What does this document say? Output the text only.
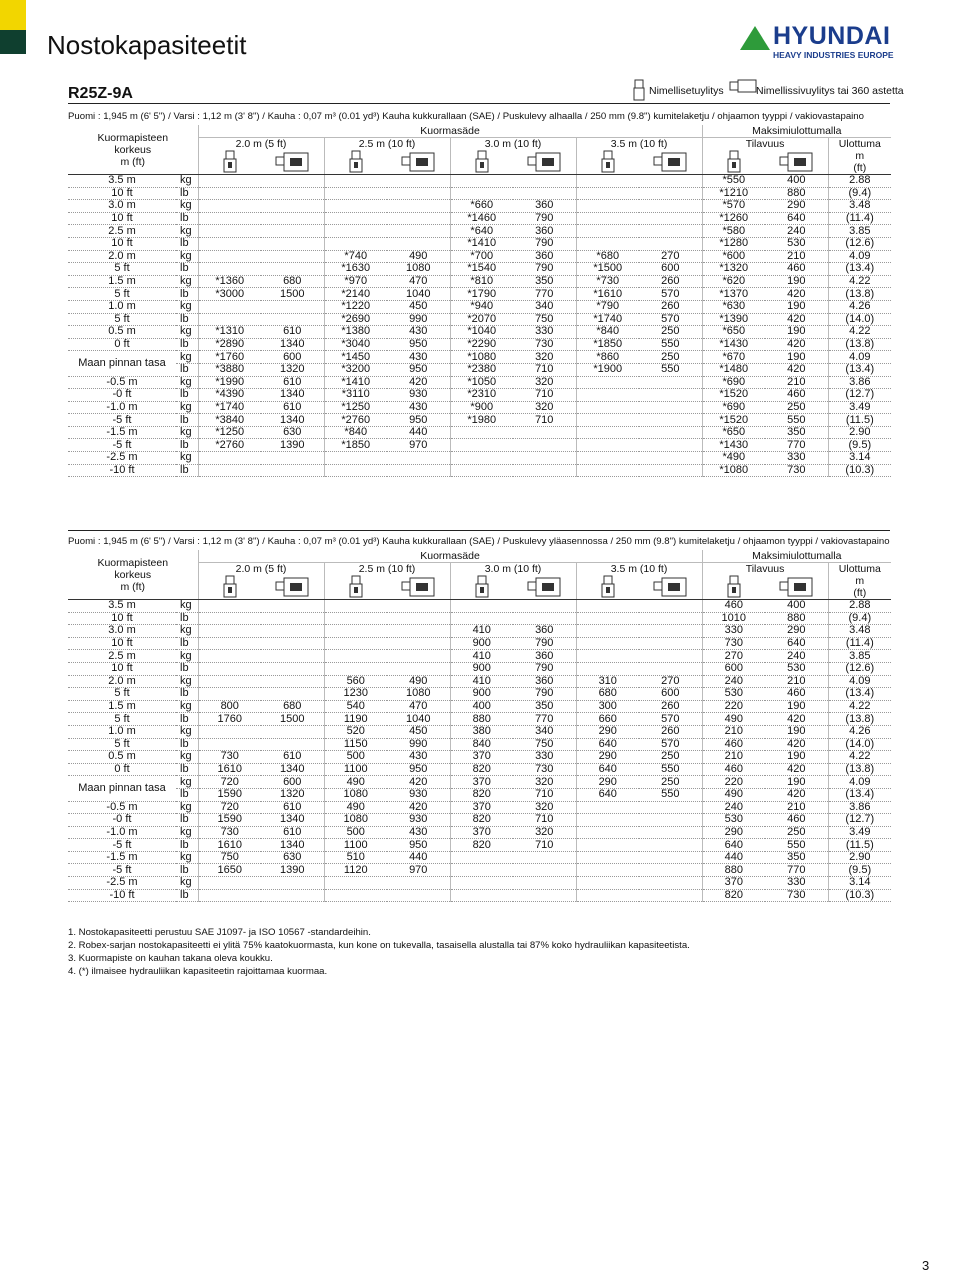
Nostokapasiteetit	HYUNDAI
HEAVY INDUSTRIES EUROPE
R25Z-9A	Nimellisetuylitys	Nimellissivuylitys tai 360 astetta
Puomi : 1,945 m (6' 5") / Varsi : 1,12 m (3' 8") / Kauha : 0,07 m³ (0.01 yd³) Kauha kukkurallaan (SAE) / Puskulevy alhaalla / 250 mm (9.8") kumitelaketju / ohjaamon tyyppi / vakiovastapaino
Kuormapisteen
korkeus
m (ft)		Kuormasäde								Maksimiulottumalla		
		2.0 m (5 ft)		2.5 m (10 ft)		3.0 m (10 ft)		3.5 m (10 ft)		Tilavuus		Ulottuma

m
(ft)

3.5 m	kg									*550	400	2.88
10 ft	lb									*1210	880	(9.4)
3.0 m	kg					*660	360			*570	290	3.48
10 ft	lb					*1460	790			*1260	640	(11.4)
2.5 m	kg					*640	360			*580	240	3.85
10 ft	lb					*1410	790			*1280	530	(12.6)
2.0 m	kg			*740	490	*700	360	*680	270	*600	210	4.09
5 ft	lb			*1630	1080	*1540	790	*1500	600	*1320	460	(13.4)
1.5 m	kg	*1360	680	*970	470	*810	350	*730	260	*620	190	4.22
5 ft	lb	*3000	1500	*2140	1040	*1790	770	*1610	570	*1370	420	(13.8)
1.0 m	kg			*1220	450	*940	340	*790	260	*630	190	4.26
5 ft	lb			*2690	990	*2070	750	*1740	570	*1390	420	(14.0)
0.5 m	kg	*1310	610	*1380	430	*1040	330	*840	250	*650	190	4.22
0 ft	lb	*2890	1340	*3040	950	*2290	730	*1850	550	*1430	420	(13.8)
Maan pinnan tasa	kg	*1760	600	*1450	430	*1080	320	*860	250	*670	190	4.09
	lb	*3880	1320	*3200	950	*2380	710	*1900	550	*1480	420	(13.4)
-0.5 m	kg	*1990	610	*1410	420	*1050	320			*690	210	3.86
-0 ft	lb	*4390	1340	*3110	930	*2310	710			*1520	460	(12.7)
-1.0 m	kg	*1740	610	*1250	430	*900	320			*690	250	3.49
-5 ft	lb	*3840	1340	*2760	950	*1980	710			*1520	550	(11.5)
-1.5 m	kg	*1250	630	*840	440					*650	350	2.90
-5 ft	lb	*2760	1390	*1850	970					*1430	770	(9.5)
-2.5 m	kg									*490	330	3.14
-10 ft	lb									*1080	730	(10.3)
Puomi : 1,945 m (6' 5") / Varsi : 1,12 m (3' 8") / Kauha : 0,07 m³ (0.01 yd³) Kauha kukkurallaan (SAE) / Puskulevy yläasennossa / 250 mm (9.8") kumitelaketju / ohjaamon tyyppi / vakiovastapaino
Kuormapisteen
korkeus
m (ft)		Kuormasäde								Maksimiulottumalla		
		2.0 m (5 ft)		2.5 m (10 ft)		3.0 m (10 ft)		3.5 m (10 ft)		Tilavuus		Ulottuma

m
(ft)

3.5 m	kg									460	400	2.88
10 ft	lb									1010	880	(9.4)
3.0 m	kg					410	360			330	290	3.48
10 ft	lb					900	790			730	640	(11.4)
2.5 m	kg					410	360			270	240	3.85
10 ft	lb					900	790			600	530	(12.6)
2.0 m	kg			560	490	410	360	310	270	240	210	4.09
5 ft	lb			1230	1080	900	790	680	600	530	460	(13.4)
1.5 m	kg	800	680	540	470	400	350	300	260	220	190	4.22
5 ft	lb	1760	1500	1190	1040	880	770	660	570	490	420	(13.8)
1.0 m	kg			520	450	380	340	290	260	210	190	4.26
5 ft	lb			1150	990	840	750	640	570	460	420	(14.0)
0.5 m	kg	730	610	500	430	370	330	290	250	210	190	4.22
0 ft	lb	1610	1340	1100	950	820	730	640	550	460	420	(13.8)
Maan pinnan tasa	kg	720	600	490	420	370	320	290	250	220	190	4.09
	lb	1590	1320	1080	930	820	710	640	550	490	420	(13.4)
-0.5 m	kg	720	610	490	420	370	320			240	210	3.86
-0 ft	lb	1590	1340	1080	930	820	710			530	460	(12.7)
-1.0 m	kg	730	610	500	430	370	320			290	250	3.49
-5 ft	lb	1610	1340	1100	950	820	710			640	550	(11.5)
-1.5 m	kg	750	630	510	440					440	350	2.90
-5 ft	lb	1650	1390	1120	970					880	770	(9.5)
-2.5 m	kg									370	330	3.14
-10 ft	lb									820	730	(10.3)
1. Nostokapasiteetti perustuu SAE J1097- ja ISO 10567 -standardeihin.
2. Robex-sarjan nostokapasiteetti ei ylitä 75% kaatokuormasta, kun kone on tukevalla, tasaisella alustalla tai 87% koko hydrauliikan kapasiteetista.
3. Kuormapiste on kauhan takana oleva koukku.
4. (*) ilmaisee hydrauliikan kapasiteetin rajoittamaa kuormaa.
3
